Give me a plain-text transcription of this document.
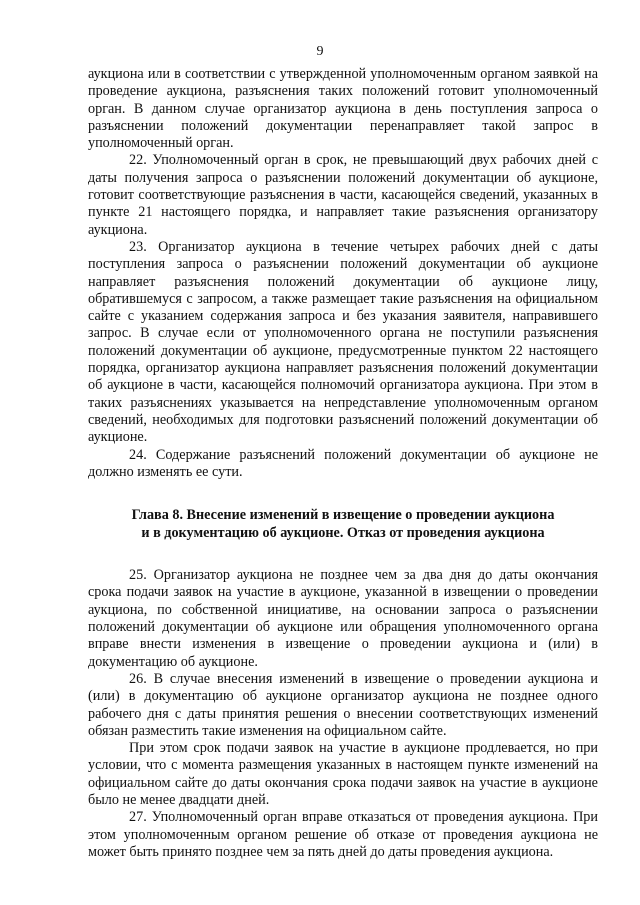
9

аукциона или в соответствии с утвержденной уполномоченным органом заявкой на проведение аукциона, разъяснения таких положений готовит уполномоченный орган. В данном случае организатор аукциона в день поступления запроса о разъяснении положений документации перенаправляет такой запрос в уполномоченный орган.

22. Уполномоченный орган в срок, не превышающий двух рабочих дней с даты получения запроса о разъяснении положений документации об аукционе, готовит соответствующие разъяснения в части, касающейся сведений, указанных в пункте 21 настоящего порядка, и направляет такие разъяснения организатору аукциона.

23. Организатор аукциона в течение четырех рабочих дней с даты поступления запроса о разъяснении положений документации об аукционе направляет разъяснения положений документации об аукционе лицу, обратившемуся с запросом, а также размещает такие разъяснения на официальном сайте с указанием содержания запроса и без указания заявителя, направившего запрос. В случае если от уполномоченного органа не поступили разъяснения положений документации об аукционе, предусмотренные пунктом 22 настоящего порядка, организатор аукциона направляет разъяснения положений документации об аукционе в части, касающейся полномочий организатора аукциона. При этом в таких разъяснениях указывается на непредставление уполномоченным органом сведений, необходимых для подготовки разъяснений положений документации об аукционе.

24. Содержание разъяснений положений документации об аукционе не должно изменять ее сути.

Глава 8. Внесение изменений в извещение о проведении аукциона
и в документацию об аукционе. Отказ от проведения аукциона

25. Организатор аукциона не позднее чем за два дня до даты окончания срока подачи заявок на участие в аукционе, указанной в извещении о проведении аукциона, по собственной инициативе, на основании запроса о разъяснении положений документации об аукционе или обращения уполномоченного органа вправе внести изменения в извещение о проведении аукциона и (или) в документацию об аукционе.

26. В случае внесения изменений в извещение о проведении аукциона и (или) в документацию об аукционе организатор аукциона не позднее одного рабочего дня с даты принятия решения о внесении соответствующих изменений обязан разместить такие изменения на официальном сайте.

При этом срок подачи заявок на участие в аукционе продлевается, но при условии, что с момента размещения указанных в настоящем пункте изменений на официальном сайте до даты окончания срока подачи заявок на участие в аукционе было не менее двадцати дней.

27. Уполномоченный орган вправе отказаться от проведения аукциона. При этом уполномоченным органом решение об отказе от проведения аукциона не может быть принято позднее чем за пять дней до даты проведения аукциона.
